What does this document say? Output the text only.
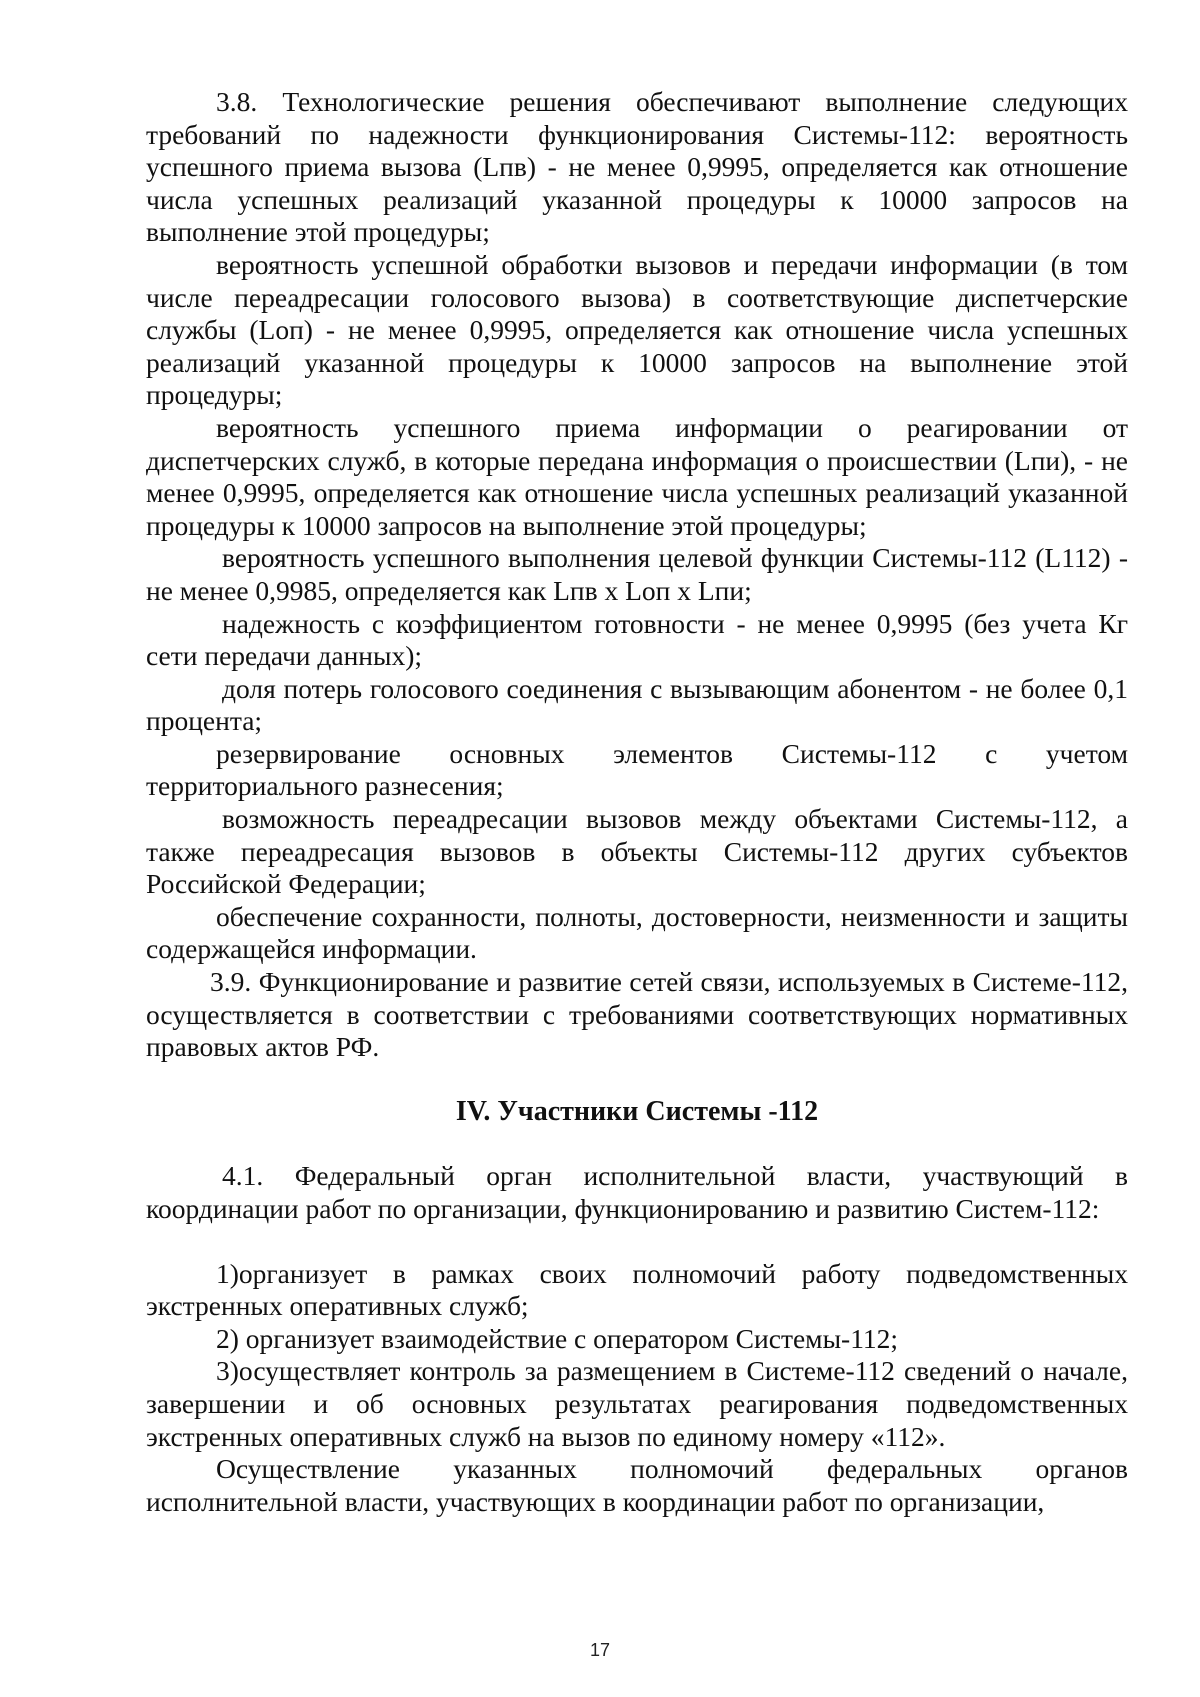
3.8. Технологические решения обеспечивают выполнение следующих требований по надежности функционирования Системы-112: вероятность успешного приема вызова (Lпв) - не менее 0,9995, определяется как отношение числа успешных реализаций указанной процедуры к 10000 запросов на выполнение этой процедуры;

вероятность успешной обработки вызовов и передачи информации (в том числе переадресации голосового вызова) в соответствующие диспетчерские службы (Lоп) - не менее 0,9995, определяется как отношение числа успешных реализаций указанной процедуры к 10000 запросов на выполнение этой процедуры;

вероятность успешного приема информации о реагировании от диспетчерских служб, в которые передана информация о происшествии (Lпи), - не менее 0,9995, определяется как отношение числа успешных реализаций указанной процедуры к 10000 запросов на выполнение этой процедуры;

вероятность успешного выполнения целевой функции Системы-112 (L112) - не менее 0,9985, определяется как Lпв x Lоп x Lпи;

надежность с коэффициентом готовности - не менее 0,9995 (без учета Кг сети передачи данных);

доля потерь голосового соединения с вызывающим абонентом - не более 0,1 процента;

резервирование основных элементов Системы-112 с учетом территориального разнесения;

возможность переадресации вызовов между объектами Системы-112, а также переадресация вызовов в объекты Системы-112 других субъектов Российской Федерации;

обеспечение сохранности, полноты, достоверности, неизменности и защиты содержащейся информации.

3.9. Функционирование и развитие сетей связи, используемых в Системе-112, осуществляется в соответствии с требованиями соответствующих нормативных правовых актов РФ.

IV. Участники Системы -112

4.1. Федеральный орган исполнительной власти, участвующий в координации работ по организации, функционированию и развитию Систем-112:

1)организует в рамках своих полномочий работу подведомственных экстренных оперативных служб;

2) организует взаимодействие с оператором Системы-112;

3)осуществляет контроль за размещением в Системе-112 сведений о начале, завершении и об основных результатах реагирования подведомственных экстренных оперативных служб на вызов по единому номеру «112».

Осуществление указанных полномочий федеральных органов исполнительной власти, участвующих в координации работ по организации,

17
